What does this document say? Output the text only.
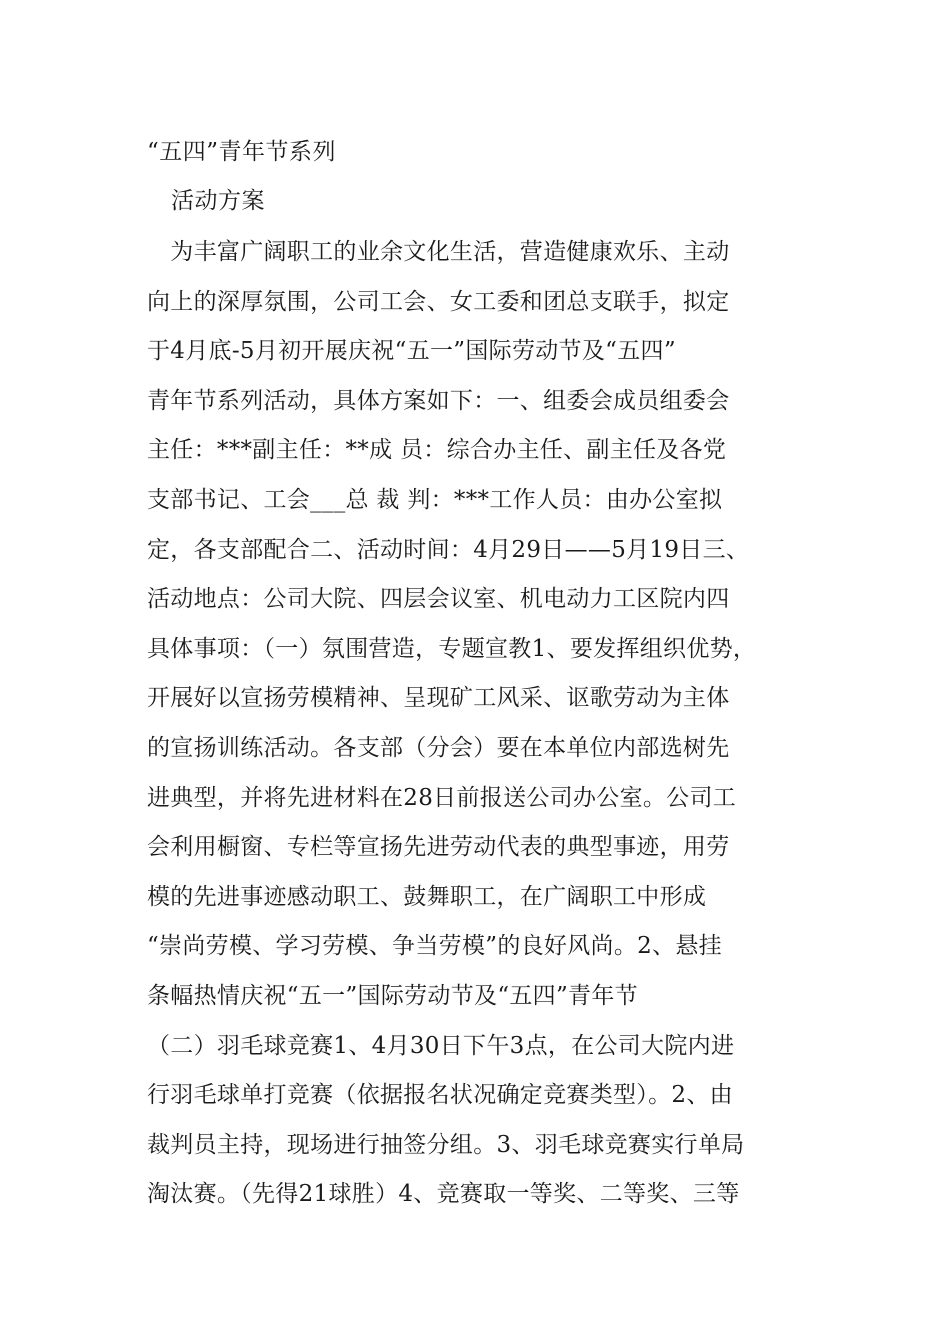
“五四”青年节系列
活动方案
　为丰富广阔职工的业余文化生活，营造健康欢乐、主动
向上的深厚氛围，公司工会、女工委和团总支联手，拟定
于4月底-5月初开展庆祝“五一”国际劳动节及“五四”
青年节系列活动，具体方案如下：一、组委会成员组委会
主任：***副主任：**成 员：综合办主任、副主任及各党
支部书记、工会___总 裁 判：***工作人员：由办公室拟
定，各支部配合二、活动时间：4月29日——5月19日三、
活动地点：公司大院、四层会议室、机电动力工区院内四
具体事项：（一）氛围营造，专题宣教1、要发挥组织优势，
开展好以宣扬劳模精神、呈现矿工风采、讴歌劳动为主体
的宣扬训练活动。各支部（分会）要在本单位内部选树先
进典型，并将先进材料在28日前报送公司办公室。公司工
会利用橱窗、专栏等宣扬先进劳动代表的典型事迹，用劳
模的先进事迹感动职工、鼓舞职工，在广阔职工中形成
“崇尚劳模、学习劳模、争当劳模”的良好风尚。2、悬挂
条幅热情庆祝“五一”国际劳动节及“五四”青年节
（二）羽毛球竞赛1、4月30日下午3点，在公司大院内进
行羽毛球单打竞赛（依据报名状况确定竞赛类型）。2、由
裁判员主持，现场进行抽签分组。3、羽毛球竞赛实行单局
淘汰赛。（先得21球胜）4、竞赛取一等奖、二等奖、三等
